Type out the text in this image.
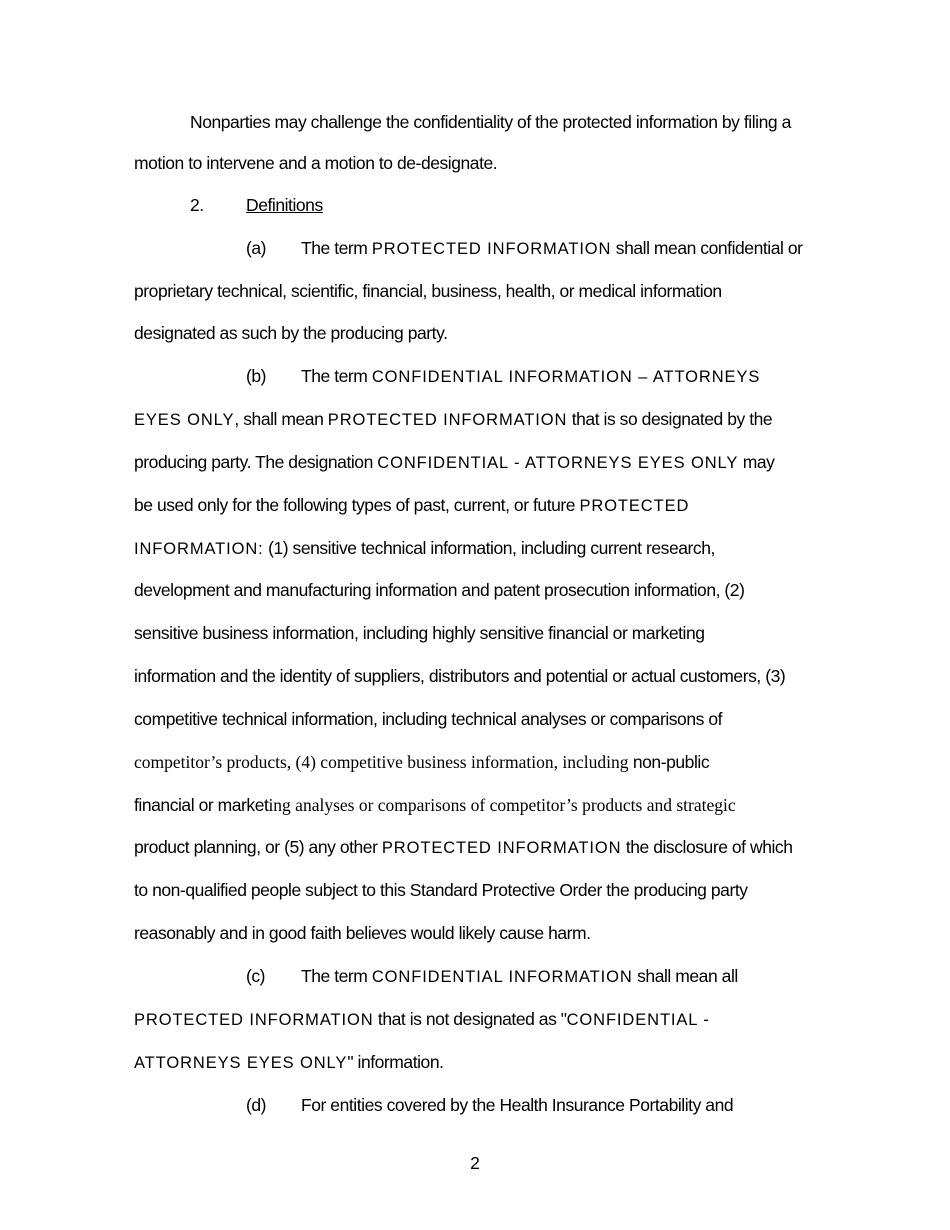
Nonparties may challenge the confidentiality of the protected information by filing a
motion to intervene and a motion to de-designate.
2. Definitions
(a) The term PROTECTED INFORMATION shall mean confidential or
proprietary technical, scientific, financial, business, health, or medical information
designated as such by the producing party.
(b) The term CONFIDENTIAL INFORMATION – ATTORNEYS
EYES ONLY, shall mean PROTECTED INFORMATION that is so designated by the
producing party. The designation CONFIDENTIAL - ATTORNEYS EYES ONLY may
be used only for the following types of past, current, or future PROTECTED
INFORMATION: (1) sensitive technical information, including current research,
development and manufacturing information and patent prosecution information, (2)
sensitive business information, including highly sensitive financial or marketing
information and the identity of suppliers, distributors and potential or actual customers, (3)
competitive technical information, including technical analyses or comparisons of
competitor’s products, (4) competitive business information, including non-public
financial or marketing analyses or comparisons of competitor’s products and strategic
product planning, or (5) any other PROTECTED INFORMATION the disclosure of which
to non-qualified people subject to this Standard Protective Order the producing party
reasonably and in good faith believes would likely cause harm.
(c) The term CONFIDENTIAL INFORMATION shall mean all
PROTECTED INFORMATION that is not designated as "CONFIDENTIAL -
ATTORNEYS EYES ONLY" information.
(d) For entities covered by the Health Insurance Portability and
2
